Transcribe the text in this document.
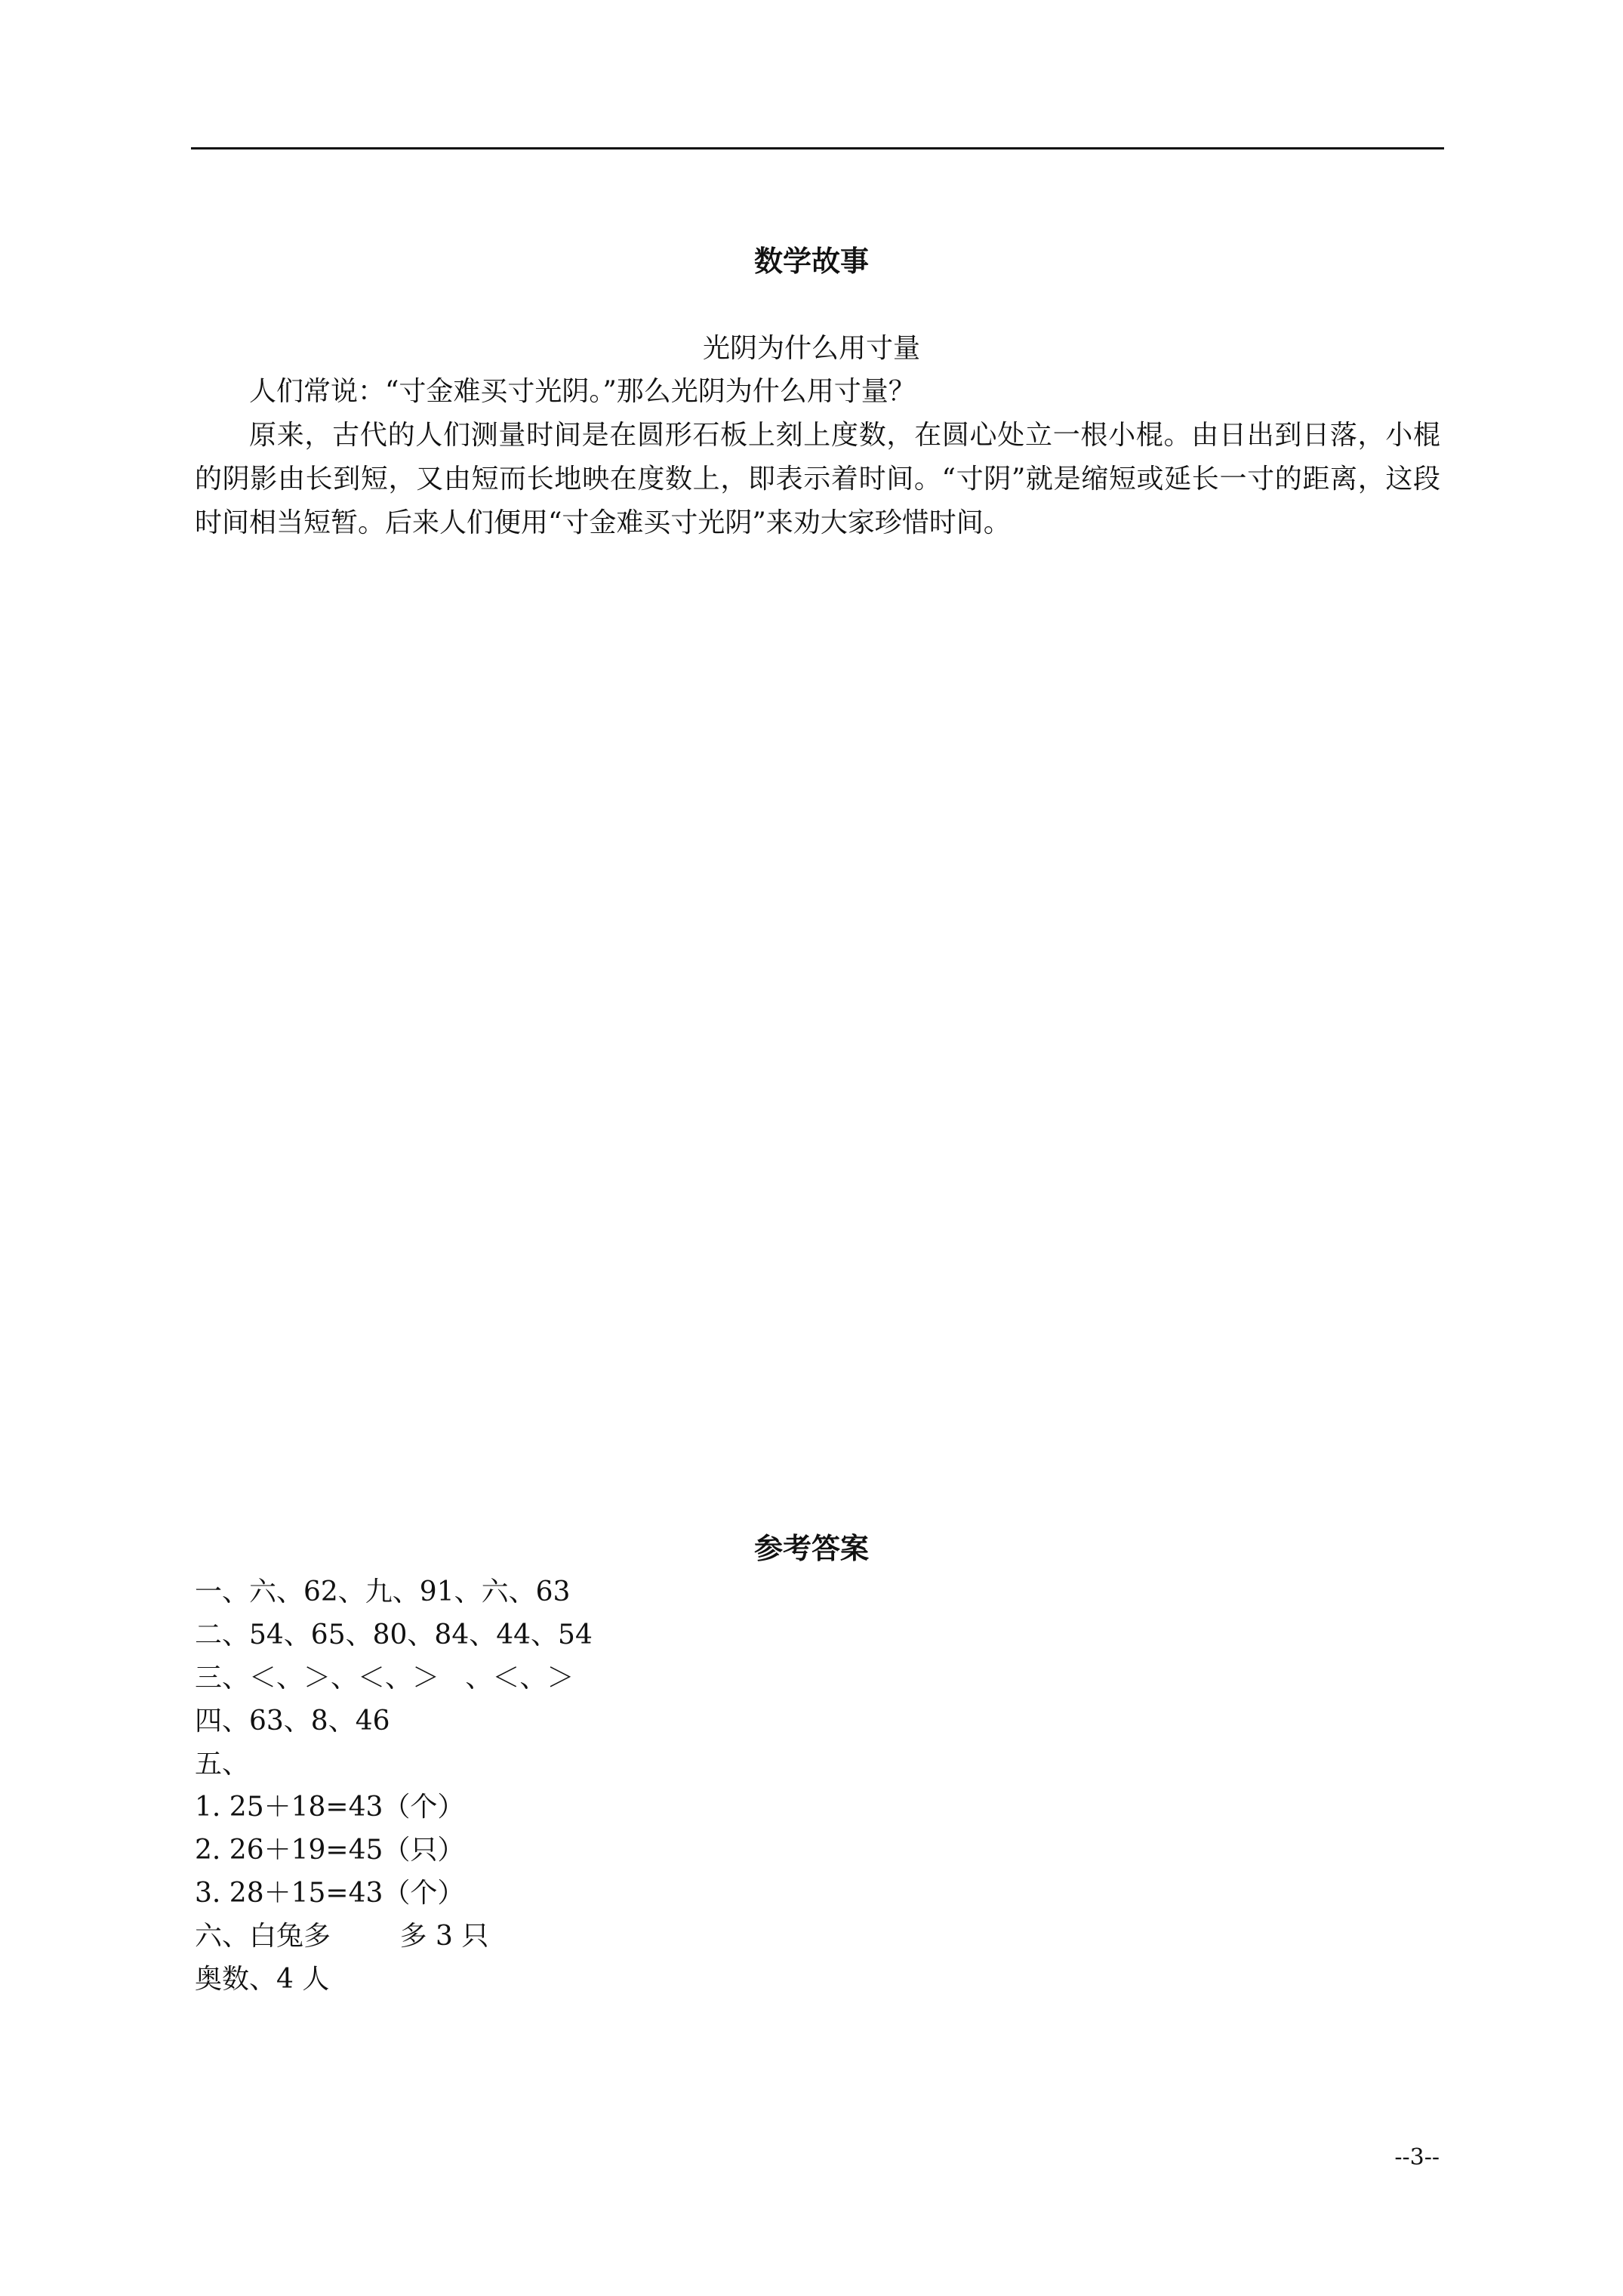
数学故事
光阴为什么用寸量

人们常说：“寸金难买寸光阴。”那么光阴为什么用寸量？

原来，古代的人们测量时间是在圆形石板上刻上度数，在圆心处立一根小棍。由日出到日落，小棍的阴影由长到短，又由短而长地映在度数上，即表示着时间。“寸阴”就是缩短或延长一寸的距离，这段时间相当短暂。后来人们便用“寸金难买寸光阴”来劝大家珍惜时间。

参考答案
一、六、62、九、91、六、63
二、54、65、80、84、44、54
三、＜、＞、＜、＞   、＜、＞
四、63、8、46
五、
1. 25＋18=43（个）
2. 26＋19=45（只）
3. 28＋15=43（个）
六、白兔多        多 3 只
奥数、4 人
--3--
